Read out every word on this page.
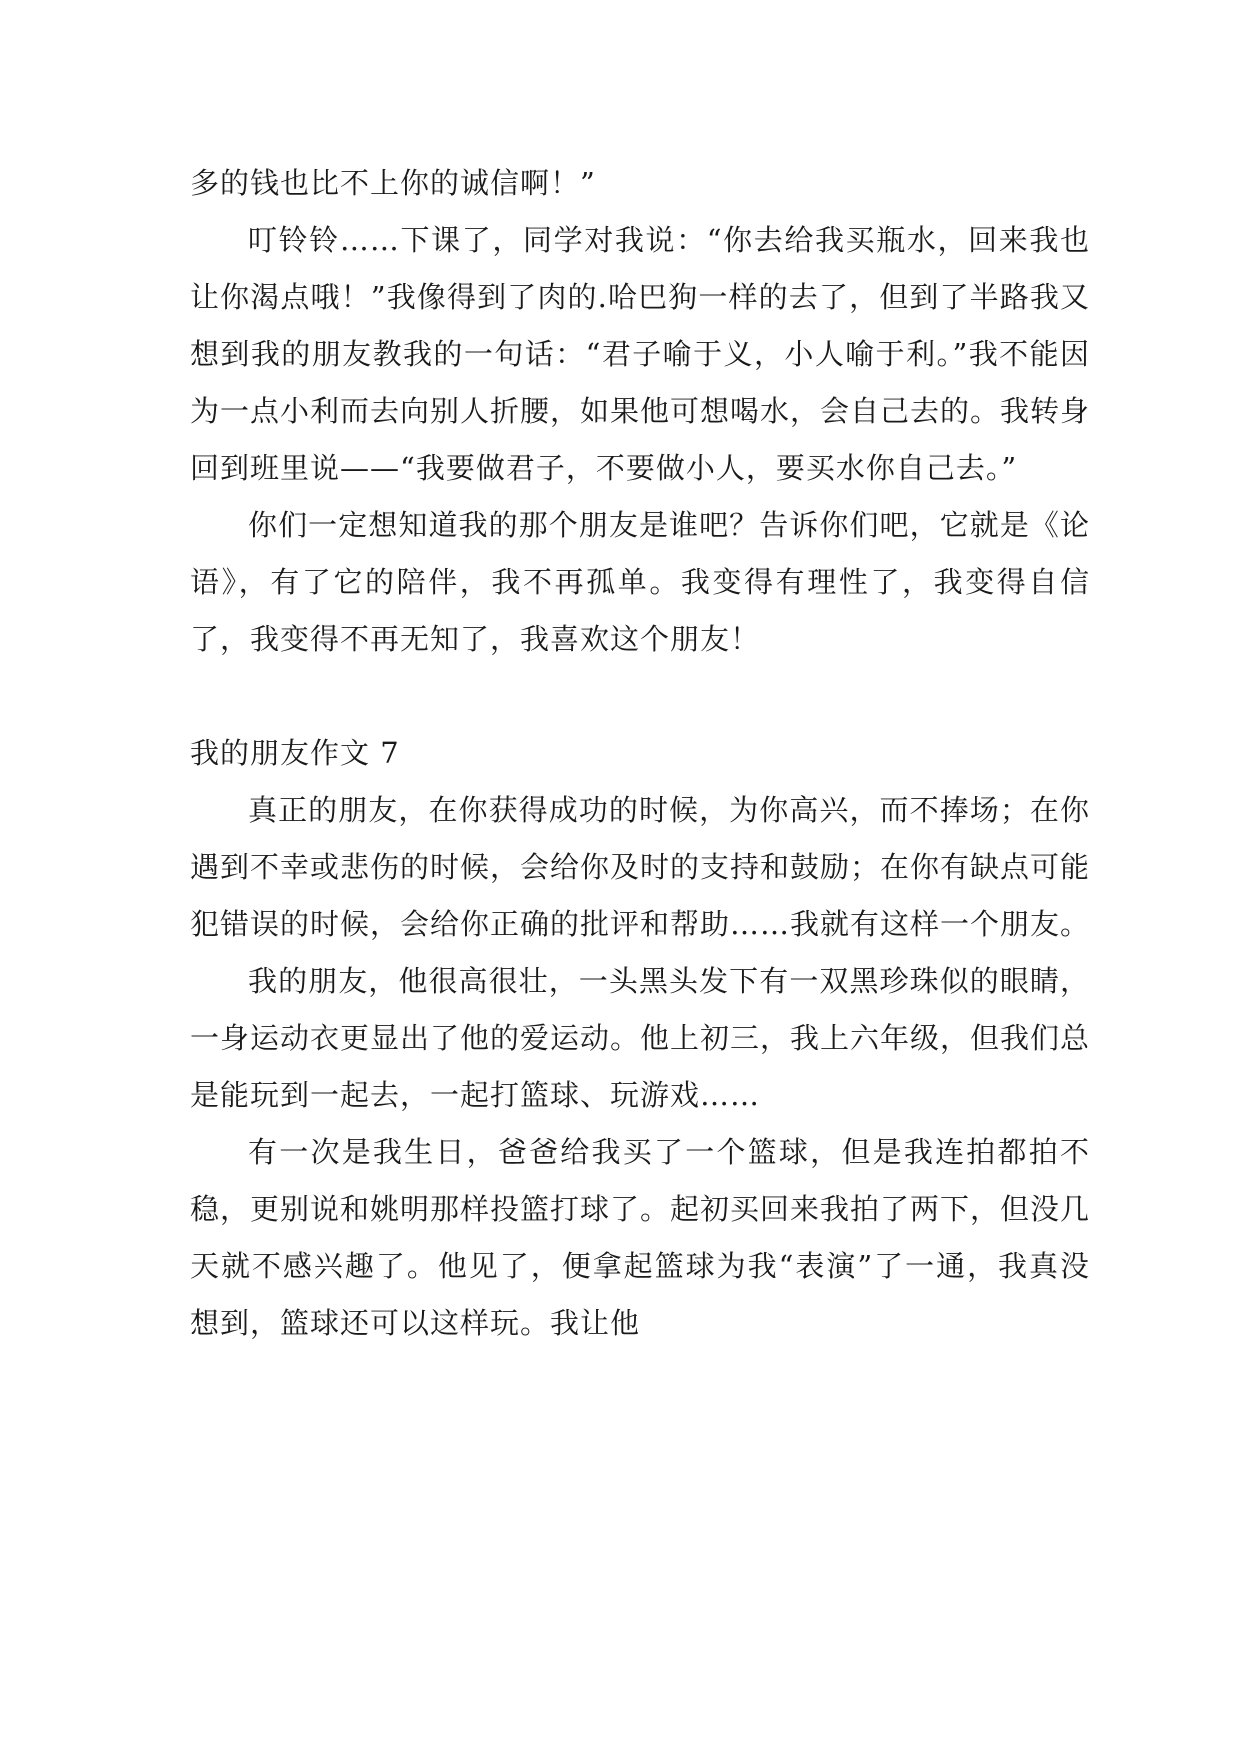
多的钱也比不上你的诚信啊！”

叮铃铃……下课了，同学对我说：“你去给我买瓶水，回来我也让你渴点哦！”我像得到了肉的.哈巴狗一样的去了，但到了半路我又想到我的朋友教我的一句话：“君子喻于义，小人喻于利。”我不能因为一点小利而去向别人折腰，如果他可想喝水，会自己去的。我转身回到班里说——“我要做君子，不要做小人，要买水你自己去。”

你们一定想知道我的那个朋友是谁吧？告诉你们吧，它就是《论语》，有了它的陪伴，我不再孤单。我变得有理性了，我变得自信了，我变得不再无知了，我喜欢这个朋友！

我的朋友作文 7

真正的朋友，在你获得成功的时候，为你高兴，而不捧场；在你遇到不幸或悲伤的时候，会给你及时的支持和鼓励；在你有缺点可能犯错误的时候，会给你正确的批评和帮助……我就有这样一个朋友。

我的朋友，他很高很壮，一头黑头发下有一双黑珍珠似的眼睛，一身运动衣更显出了他的爱运动。他上初三，我上六年级，但我们总是能玩到一起去，一起打篮球、玩游戏……

有一次是我生日，爸爸给我买了一个篮球，但是我连拍都拍不稳，更别说和姚明那样投篮打球了。起初买回来我拍了两下，但没几天就不感兴趣了。他见了，便拿起篮球为我“表演”了一通，我真没想到，篮球还可以这样玩。我让他
